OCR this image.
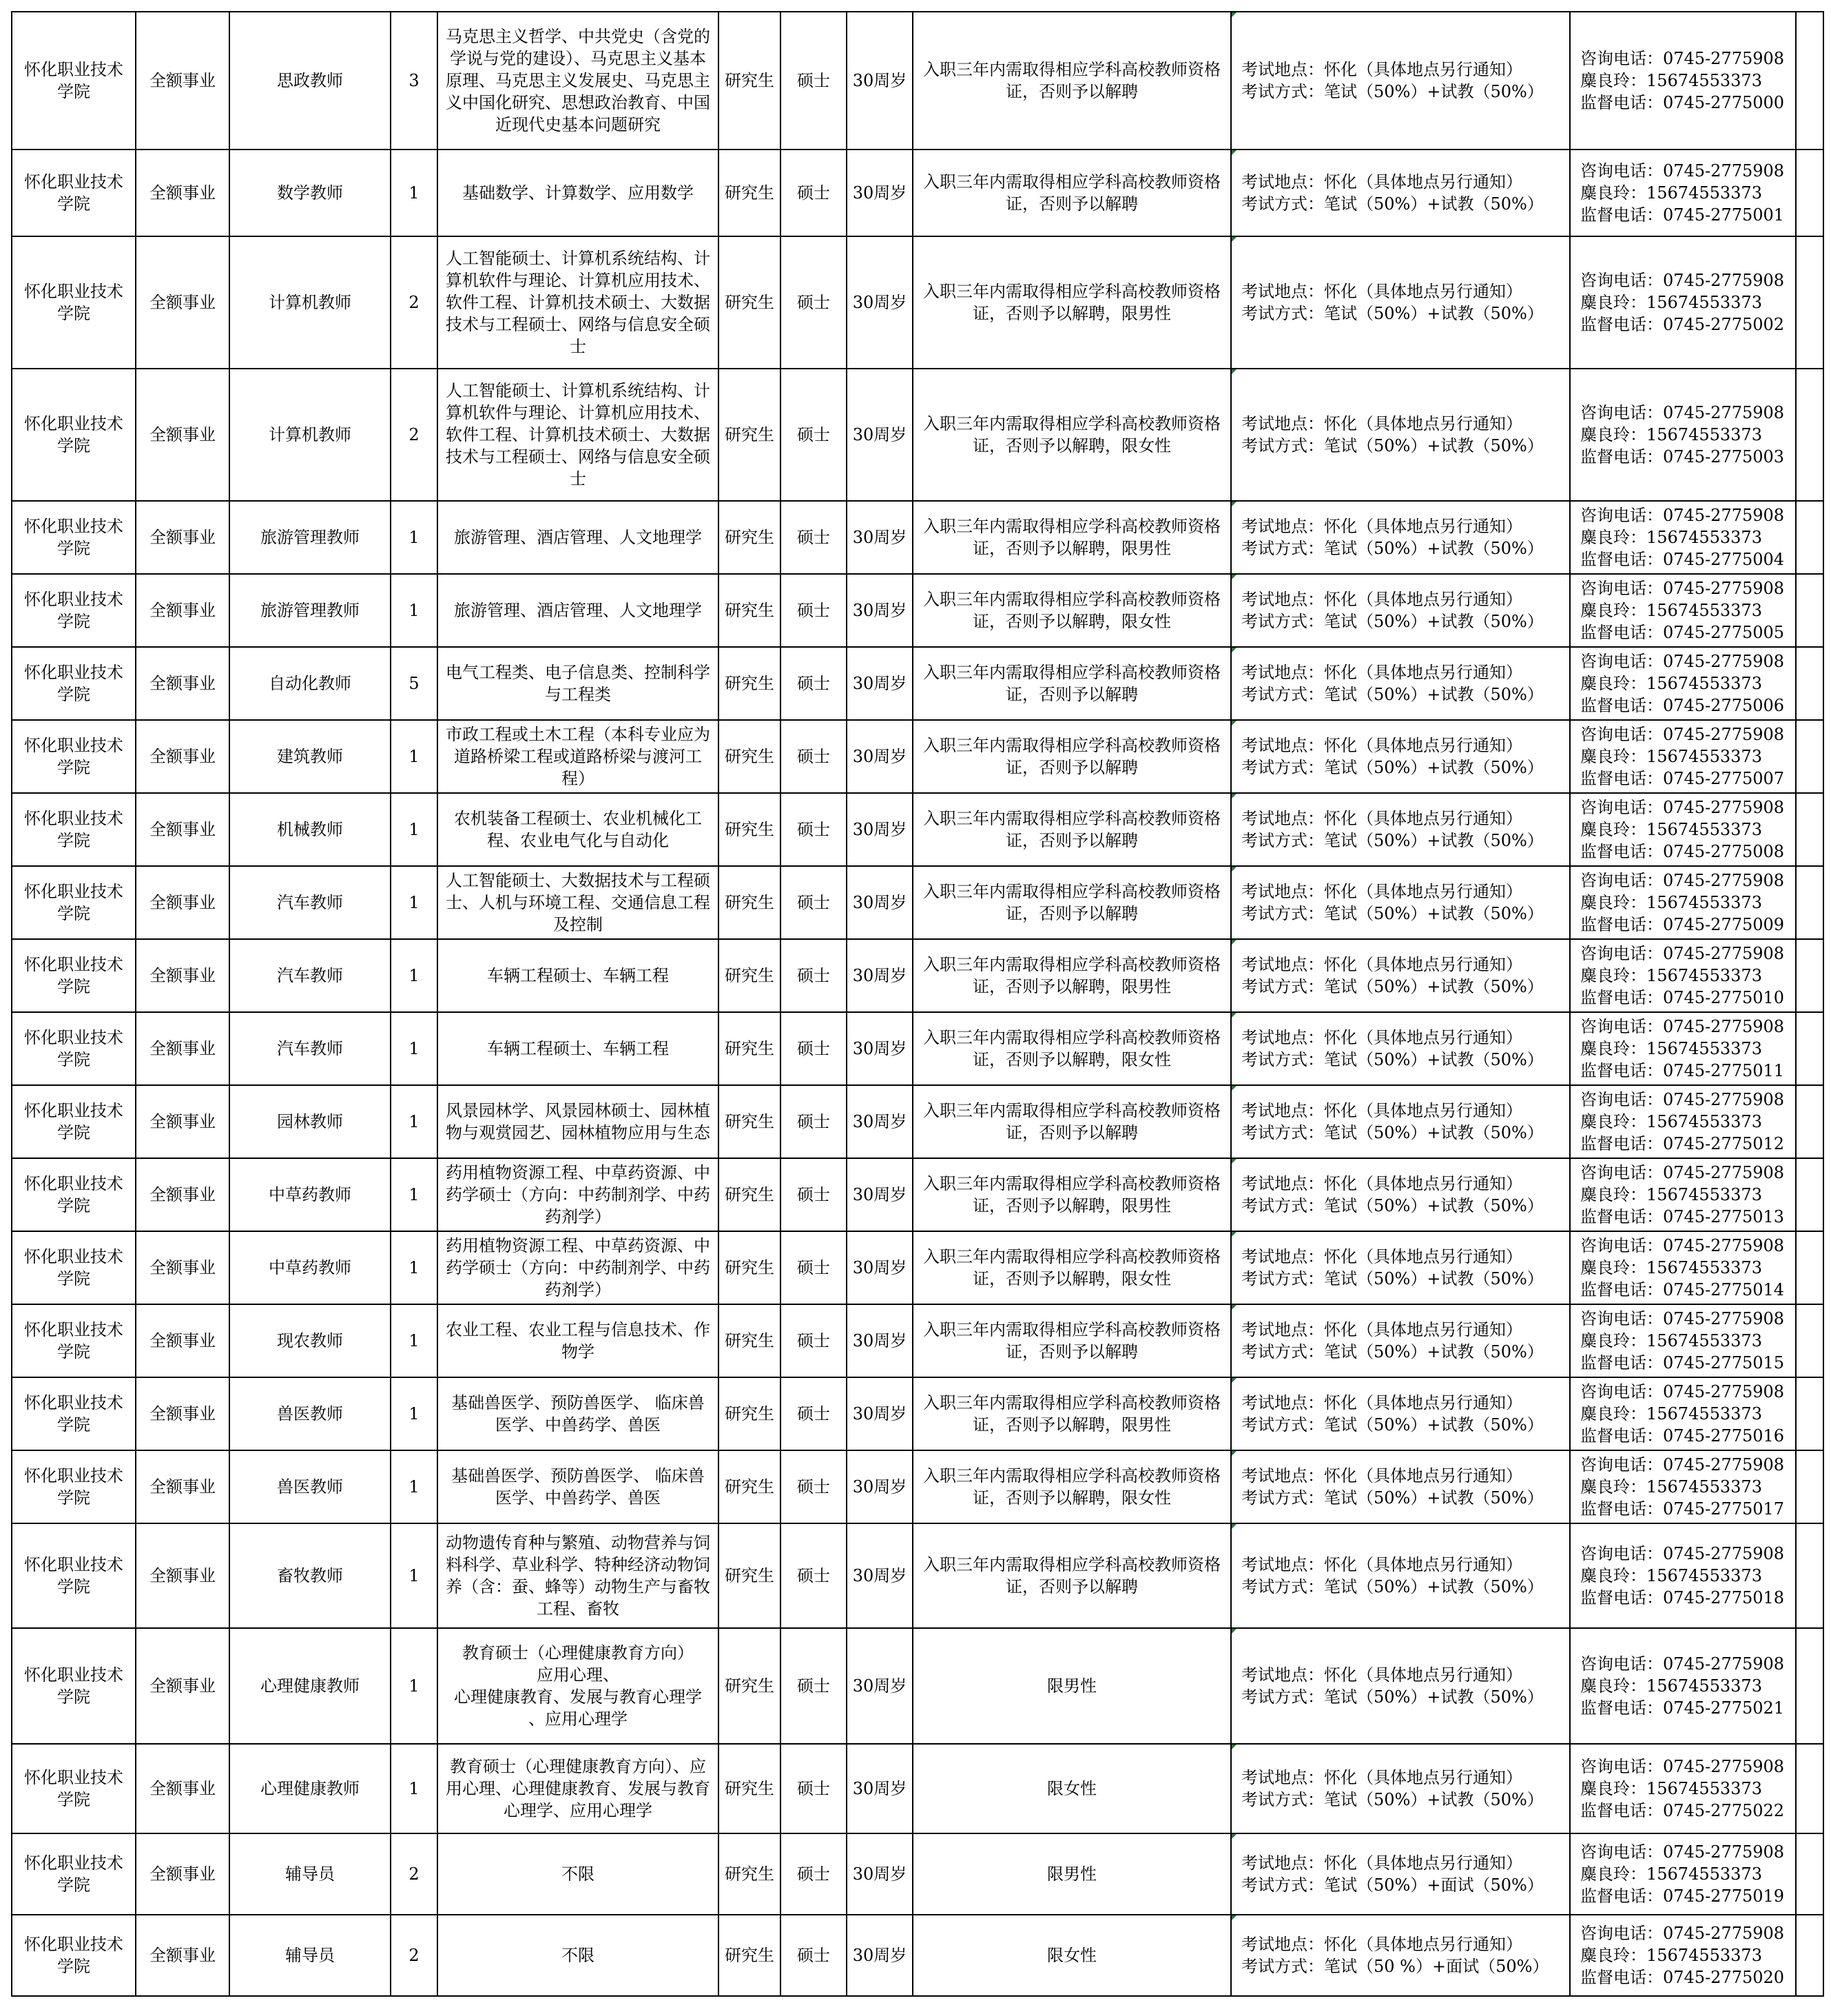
怀化职业技术学院	全额事业	思政教师	3	马克思主义哲学、中共党史（含党的学说与党的建设）、马克思主义基本原理、马克思主义发展史、马克思主义中国化研究、思想政治教育、中国近现代史基本问题研究	研究生	硕士	30周岁	入职三年内需取得相应学科高校教师资格证，否则予以解聘	考试地点：怀化（具体地点另行通知）
考试方式：笔试（50%）+试教（50%）	咨询电话：0745-2775908
麋良玲：15674553373
监督电话：0745-2775000	

怀化职业技术学院	全额事业	数学教师	1	基础数学、计算数学、应用数学	研究生	硕士	30周岁	入职三年内需取得相应学科高校教师资格证，否则予以解聘	考试地点：怀化（具体地点另行通知）
考试方式：笔试（50%）+试教（50%）	咨询电话：0745-2775908
麋良玲：15674553373
监督电话：0745-2775001	

怀化职业技术学院	全额事业	计算机教师	2	人工智能硕士、计算机系统结构、计算机软件与理论、计算机应用技术、软件工程、计算机技术硕士、大数据技术与工程硕士、网络与信息安全硕士	研究生	硕士	30周岁	入职三年内需取得相应学科高校教师资格证，否则予以解聘，限男性	考试地点：怀化（具体地点另行通知）
考试方式：笔试（50%）+试教（50%）	咨询电话：0745-2775908
麋良玲：15674553373
监督电话：0745-2775002	

怀化职业技术学院	全额事业	计算机教师	2	人工智能硕士、计算机系统结构、计算机软件与理论、计算机应用技术、软件工程、计算机技术硕士、大数据技术与工程硕士、网络与信息安全硕士	研究生	硕士	30周岁	入职三年内需取得相应学科高校教师资格证，否则予以解聘，限女性	考试地点：怀化（具体地点另行通知）
考试方式：笔试（50%）+试教（50%）	咨询电话：0745-2775908
麋良玲：15674553373
监督电话：0745-2775003	

怀化职业技术学院	全额事业	旅游管理教师	1	旅游管理、酒店管理、人文地理学	研究生	硕士	30周岁	入职三年内需取得相应学科高校教师资格证，否则予以解聘，限男性	考试地点：怀化（具体地点另行通知）
考试方式：笔试（50%）+试教（50%）	咨询电话：0745-2775908
麋良玲：15674553373
监督电话：0745-2775004	

怀化职业技术学院	全额事业	旅游管理教师	1	旅游管理、酒店管理、人文地理学	研究生	硕士	30周岁	入职三年内需取得相应学科高校教师资格证，否则予以解聘，限女性	考试地点：怀化（具体地点另行通知）
考试方式：笔试（50%）+试教（50%）	咨询电话：0745-2775908
麋良玲：15674553373
监督电话：0745-2775005	

怀化职业技术学院	全额事业	自动化教师	5	电气工程类、电子信息类、控制科学与工程类	研究生	硕士	30周岁	入职三年内需取得相应学科高校教师资格证，否则予以解聘	考试地点：怀化（具体地点另行通知）
考试方式：笔试（50%）+试教（50%）	咨询电话：0745-2775908
麋良玲：15674553373
监督电话：0745-2775006	

怀化职业技术学院	全额事业	建筑教师	1	市政工程或土木工程（本科专业应为道路桥梁工程或道路桥梁与渡河工程）	研究生	硕士	30周岁	入职三年内需取得相应学科高校教师资格证，否则予以解聘	考试地点：怀化（具体地点另行通知）
考试方式：笔试（50%）+试教（50%）	咨询电话：0745-2775908
麋良玲：15674553373
监督电话：0745-2775007	

怀化职业技术学院	全额事业	机械教师	1	农机装备工程硕士、农业机械化工程、农业电气化与自动化	研究生	硕士	30周岁	入职三年内需取得相应学科高校教师资格证，否则予以解聘	考试地点：怀化（具体地点另行通知）
考试方式：笔试（50%）+试教（50%）	咨询电话：0745-2775908
麋良玲：15674553373
监督电话：0745-2775008	

怀化职业技术学院	全额事业	汽车教师	1	人工智能硕士、大数据技术与工程硕士、人机与环境工程、交通信息工程及控制	研究生	硕士	30周岁	入职三年内需取得相应学科高校教师资格证，否则予以解聘	考试地点：怀化（具体地点另行通知）
考试方式：笔试（50%）+试教（50%）	咨询电话：0745-2775908
麋良玲：15674553373
监督电话：0745-2775009	

怀化职业技术学院	全额事业	汽车教师	1	车辆工程硕士、车辆工程	研究生	硕士	30周岁	入职三年内需取得相应学科高校教师资格证，否则予以解聘，限男性	考试地点：怀化（具体地点另行通知）
考试方式：笔试（50%）+试教（50%）	咨询电话：0745-2775908
麋良玲：15674553373
监督电话：0745-2775010	

怀化职业技术学院	全额事业	汽车教师	1	车辆工程硕士、车辆工程	研究生	硕士	30周岁	入职三年内需取得相应学科高校教师资格证，否则予以解聘，限女性	考试地点：怀化（具体地点另行通知）
考试方式：笔试（50%）+试教（50%）	咨询电话：0745-2775908
麋良玲：15674553373
监督电话：0745-2775011	

怀化职业技术学院	全额事业	园林教师	1	风景园林学、风景园林硕士、园林植物与观赏园艺、园林植物应用与生态	研究生	硕士	30周岁	入职三年内需取得相应学科高校教师资格证，否则予以解聘	考试地点：怀化（具体地点另行通知）
考试方式：笔试（50%）+试教（50%）	咨询电话：0745-2775908
麋良玲：15674553373
监督电话：0745-2775012	

怀化职业技术学院	全额事业	中草药教师	1	药用植物资源工程、中草药资源、中药学硕士（方向：中药制剂学、中药药剂学）	研究生	硕士	30周岁	入职三年内需取得相应学科高校教师资格证，否则予以解聘，限男性	考试地点：怀化（具体地点另行通知）
考试方式：笔试（50%）+试教（50%）	咨询电话：0745-2775908
麋良玲：15674553373
监督电话：0745-2775013	

怀化职业技术学院	全额事业	中草药教师	1	药用植物资源工程、中草药资源、中药学硕士（方向：中药制剂学、中药药剂学）	研究生	硕士	30周岁	入职三年内需取得相应学科高校教师资格证，否则予以解聘，限女性	考试地点：怀化（具体地点另行通知）
考试方式：笔试（50%）+试教（50%）	咨询电话：0745-2775908
麋良玲：15674553373
监督电话：0745-2775014	

怀化职业技术学院	全额事业	现农教师	1	农业工程、农业工程与信息技术、作物学	研究生	硕士	30周岁	入职三年内需取得相应学科高校教师资格证，否则予以解聘	考试地点：怀化（具体地点另行通知）
考试方式：笔试（50%）+试教（50%）	咨询电话：0745-2775908
麋良玲：15674553373
监督电话：0745-2775015	

怀化职业技术学院	全额事业	兽医教师	1	基础兽医学、预防兽医学、 临床兽医学、中兽药学、兽医	研究生	硕士	30周岁	入职三年内需取得相应学科高校教师资格证，否则予以解聘，限男性	考试地点：怀化（具体地点另行通知）
考试方式：笔试（50%）+试教（50%）	咨询电话：0745-2775908
麋良玲：15674553373
监督电话：0745-2775016	

怀化职业技术学院	全额事业	兽医教师	1	基础兽医学、预防兽医学、 临床兽医学、中兽药学、兽医	研究生	硕士	30周岁	入职三年内需取得相应学科高校教师资格证，否则予以解聘，限女性	考试地点：怀化（具体地点另行通知）
考试方式：笔试（50%）+试教（50%）	咨询电话：0745-2775908
麋良玲：15674553373
监督电话：0745-2775017	

怀化职业技术学院	全额事业	畜牧教师	1	动物遗传育种与繁殖、动物营养与饲料科学、草业科学、特种经济动物饲养（含：蚕、蜂等）动物生产与畜牧工程、畜牧	研究生	硕士	30周岁	入职三年内需取得相应学科高校教师资格证，否则予以解聘	考试地点：怀化（具体地点另行通知）
考试方式：笔试（50%）+试教（50%）	咨询电话：0745-2775908
麋良玲：15674553373
监督电话：0745-2775018	

怀化职业技术学院	全额事业	心理健康教师	1	教育硕士（心理健康教育方向）
应用心理、
心理健康教育、发展与教育心理学
、应用心理学	研究生	硕士	30周岁	限男性	考试地点：怀化（具体地点另行通知）
考试方式：笔试（50%）+试教（50%）	咨询电话：0745-2775908
麋良玲：15674553373
监督电话：0745-2775021	

怀化职业技术学院	全额事业	心理健康教师	1	教育硕士（心理健康教育方向）、应用心理、心理健康教育、发展与教育心理学、应用心理学	研究生	硕士	30周岁	限女性	考试地点：怀化（具体地点另行通知）
考试方式：笔试（50%）+试教（50%）	咨询电话：0745-2775908
麋良玲：15674553373
监督电话：0745-2775022	

怀化职业技术学院	全额事业	辅导员	2	不限	研究生	硕士	30周岁	限男性	考试地点：怀化（具体地点另行通知）
考试方式：笔试（50%）+面试（50%）	咨询电话：0745-2775908
麋良玲：15674553373
监督电话：0745-2775019	

怀化职业技术学院	全额事业	辅导员	2	不限	研究生	硕士	30周岁	限女性	考试地点：怀化（具体地点另行通知）
考试方式：笔试（50 %）+面试（50%）	咨询电话：0745-2775908
麋良玲：15674553373
监督电话：0745-2775020	
